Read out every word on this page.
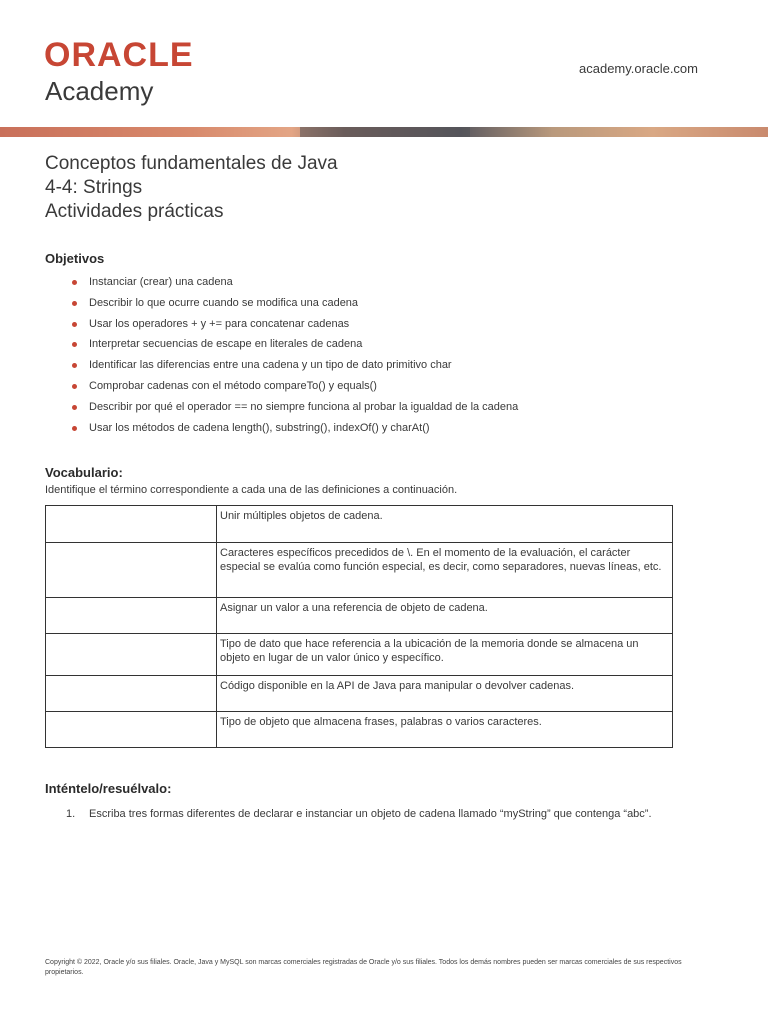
ORACLE
Academy
academy.oracle.com
Conceptos fundamentales de Java
4-4: Strings
Actividades prácticas
Objetivos
Instanciar (crear) una cadena
Describir lo que ocurre cuando se modifica una cadena
Usar los operadores + y += para concatenar cadenas
Interpretar secuencias de escape en literales de cadena
Identificar las diferencias entre una cadena y un tipo de dato primitivo char
Comprobar cadenas con el método compareTo() y equals()
Describir por qué el operador == no siempre funciona al probar la igualdad de la cadena
Usar los métodos de cadena length(), substring(), indexOf() y charAt()
Vocabulario:
Identifique el término correspondiente a cada una de las definiciones a continuación.
	Unir múltiples objetos de cadena.
	Caracteres específicos precedidos de \. En el momento de la evaluación, el carácter especial se evalúa como función especial, es decir, como separadores, nuevas líneas, etc.
	Asignar un valor a una referencia de objeto de cadena.
	Tipo de dato que hace referencia a la ubicación de la memoria donde se almacena un objeto en lugar de un valor único y específico.
	Código disponible en la API de Java para manipular o devolver cadenas.
	Tipo de objeto que almacena frases, palabras o varios caracteres.
Inténtelo/resuélvalo:
1. Escriba tres formas diferentes de declarar e instanciar un objeto de cadena llamado “myString” que contenga “abc”.
Copyright © 2022, Oracle y/o sus filiales. Oracle, Java y MySQL son marcas comerciales registradas de Oracle y/o sus filiales. Todos los demás nombres pueden ser marcas comerciales de sus respectivos propietarios.
